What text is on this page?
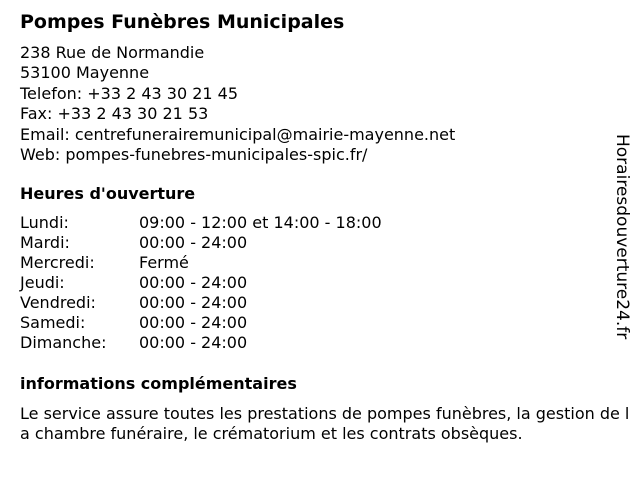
Pompes Funèbres Municipales
238 Rue de Normandie
53100 Mayenne
Telefon: +33 2 43 30 21 45
Fax: +33 2 43 30 21 53
Email: centrefunerairemunicipal@mairie-mayenne.net
Web: pompes-funebres-municipales-spic.fr/
Heures d'ouverture
Lundi:	09:00 - 12:00 et 14:00 - 18:00
Mardi:	00:00 - 24:00
Mercredi:	Fermé
Jeudi:	00:00 - 24:00
Vendredi:	00:00 - 24:00
Samedi:	00:00 - 24:00
Dimanche: 00:00 - 24:00
informations complémentaires
Le service assure toutes les prestations de pompes funèbres, la gestion de la chambre funéraire, le crématorium et les contrats obsèques.
Horairesdouverture24.fr
